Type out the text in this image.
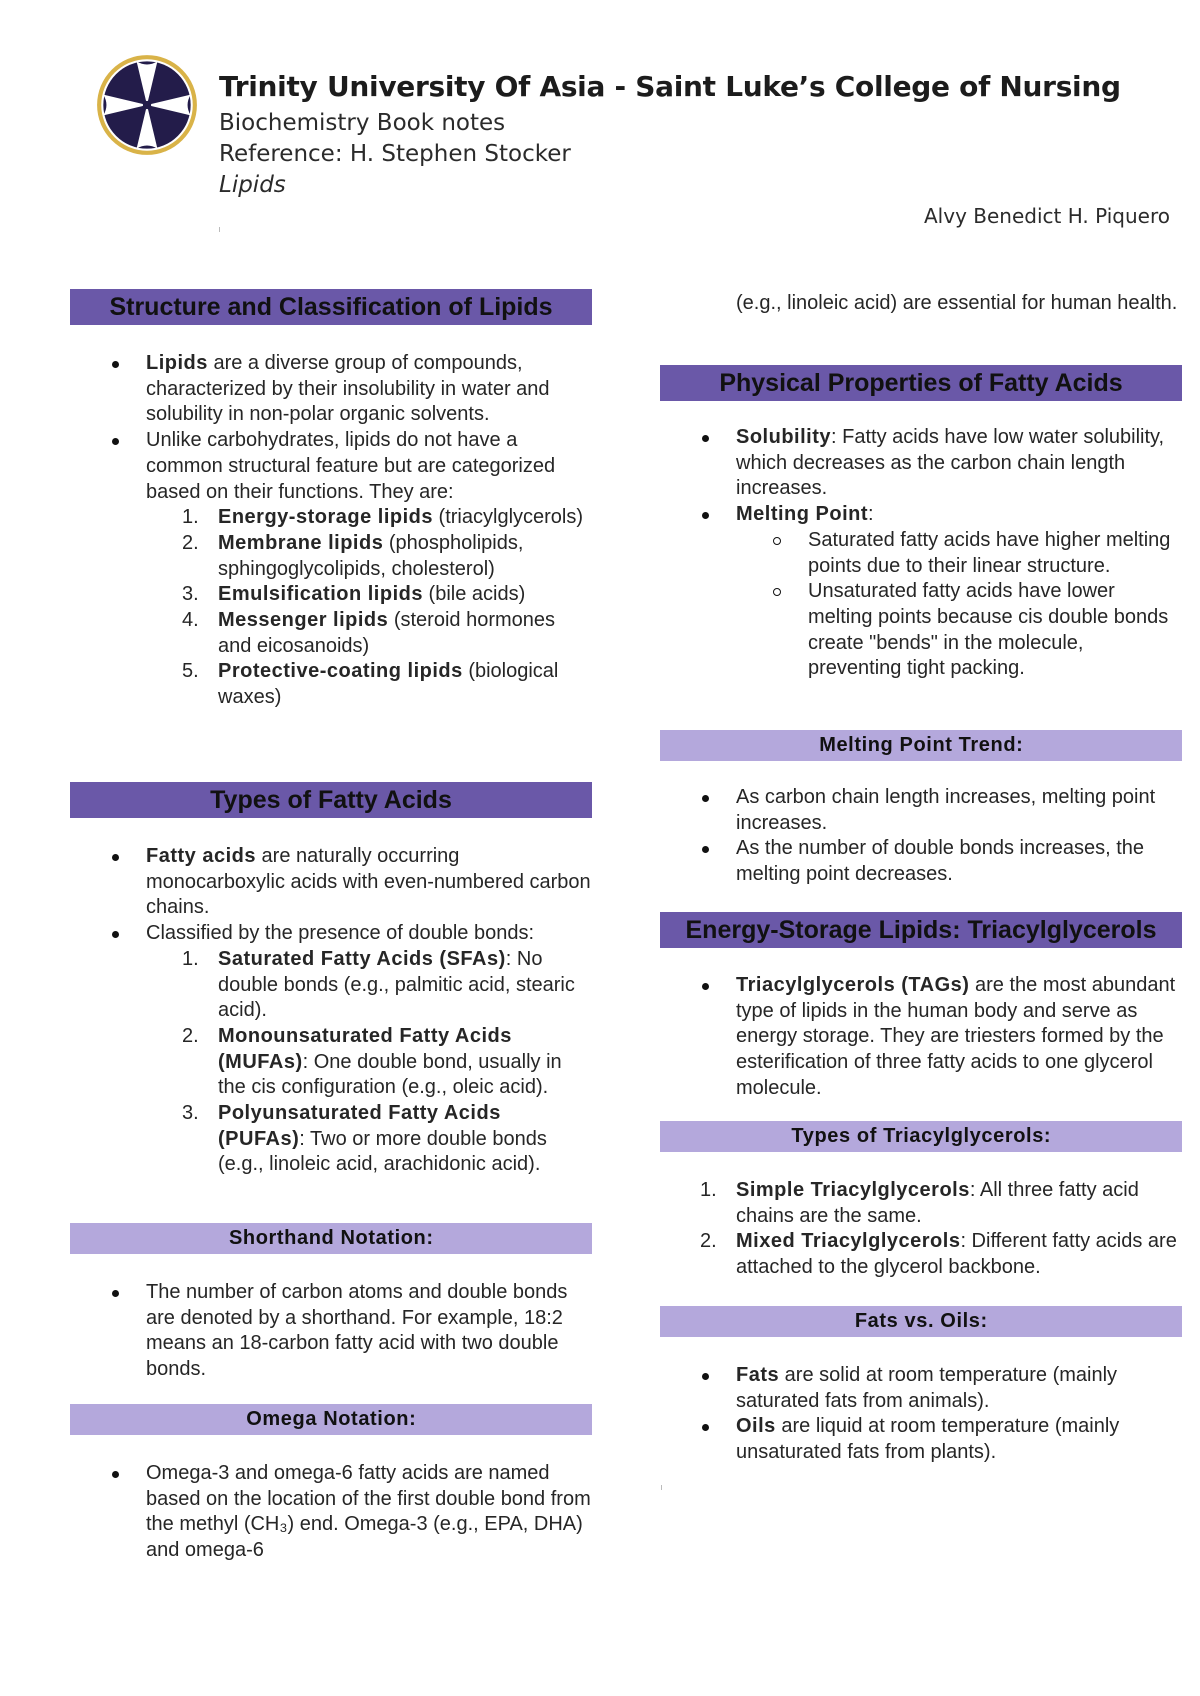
Trinity University Of Asia - Saint Luke’s College of Nursing

Biochemistry Book notes

Reference: H. Stephen Stocker

Lipids

Alvy Benedict H. Piquero

Structure and Classification of Lipids
Lipids are a diverse group of compounds, characterized by their insolubility in water and solubility in non-polar organic solvents.
Unlike carbohydrates, lipids do not have a common structural feature but are categorized based on their functions. They are:
1. Energy-storage lipids (triacylglycerols)
2. Membrane lipids (phospholipids, sphingoglycolipids, cholesterol)
3. Emulsification lipids (bile acids)
4. Messenger lipids (steroid hormones and eicosanoids)
5. Protective-coating lipids (biological waxes)
Types of Fatty Acids
Fatty acids are naturally occurring monocarboxylic acids with even-numbered carbon chains.
Classified by the presence of double bonds:
1. Saturated Fatty Acids (SFAs): No double bonds (e.g., palmitic acid, stearic acid).
2. Monounsaturated Fatty Acids (MUFAs): One double bond, usually in the cis configuration (e.g., oleic acid).
3. Polyunsaturated Fatty Acids (PUFAs): Two or more double bonds (e.g., linoleic acid, arachidonic acid).
Shorthand Notation:
The number of carbon atoms and double bonds are denoted by a shorthand. For example, 18:2 means an 18-carbon fatty acid with two double bonds.
Omega Notation:
Omega-3 and omega-6 fatty acids are named based on the location of the first double bond from the methyl (CH₃) end. Omega-3 (e.g., EPA, DHA) and omega-6
(e.g., linoleic acid) are essential for human health.
Physical Properties of Fatty Acids
Solubility: Fatty acids have low water solubility, which decreases as the carbon chain length increases.
Melting Point:
Saturated fatty acids have higher melting points due to their linear structure.
Unsaturated fatty acids have lower melting points because cis double bonds create "bends" in the molecule, preventing tight packing.
Melting Point Trend:
As carbon chain length increases, melting point increases.
As the number of double bonds increases, the melting point decreases.
Energy-Storage Lipids: Triacylglycerols
Triacylglycerols (TAGs) are the most abundant type of lipids in the human body and serve as energy storage. They are triesters formed by the esterification of three fatty acids to one glycerol molecule.
Types of Triacylglycerols:
1. Simple Triacylglycerols: All three fatty acid chains are the same.
2. Mixed Triacylglycerols: Different fatty acids are attached to the glycerol backbone.
Fats vs. Oils:
Fats are solid at room temperature (mainly saturated fats from animals).
Oils are liquid at room temperature (mainly unsaturated fats from plants).
